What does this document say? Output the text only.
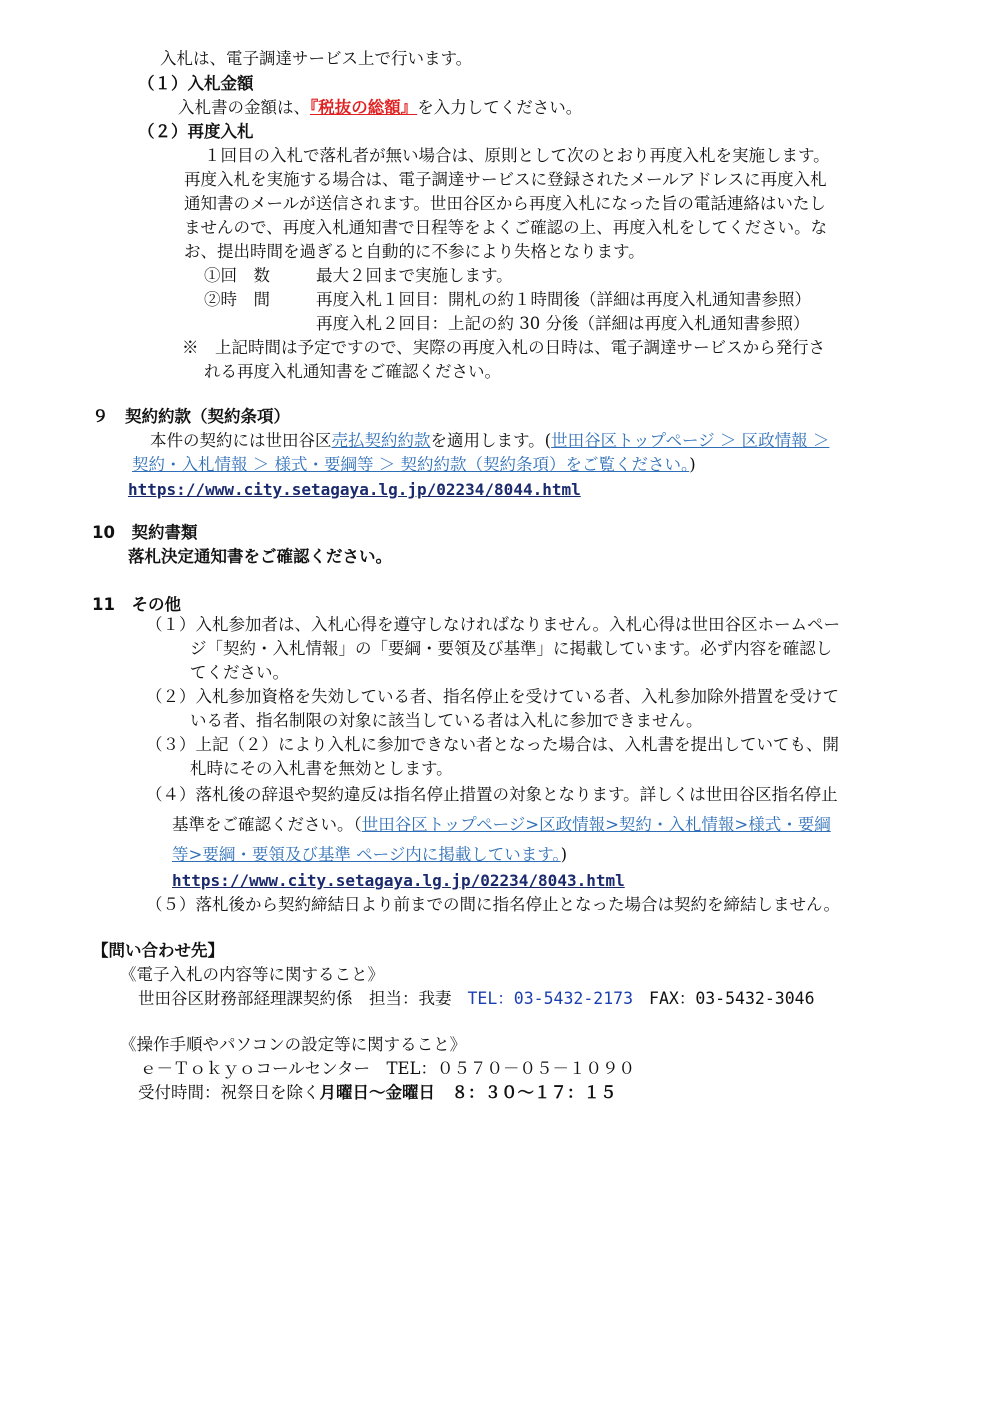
入札は、電子調達サービス上で行います。
（１）入札金額
入札書の金額は、『税抜の総額』を入力してください。
（２）再度入札
１回目の入札で落札者が無い場合は、原則として次のとおり再度入札を実施します。
再度入札を実施する場合は、電子調達サービスに登録されたメールアドレスに再度入札
通知書のメールが送信されます。世田谷区から再度入札になった旨の電話連絡はいたし
ませんので、再度入札通知書で日程等をよくご確認の上、再度入札をしてください。な
お、提出時間を過ぎると自動的に不参により失格となります。
①回　数	最大２回まで実施します。
②時　間	再度入札１回目：開札の約１時間後（詳細は再度入札通知書参照）
再度入札２回目：上記の約 30 分後（詳細は再度入札通知書参照）
※　上記時間は予定ですので、実際の再度入札の日時は、電子調達サービスから発行さ
れる再度入札通知書をご確認ください。
９　契約約款（契約条項）
本件の契約には世田谷区売払契約約款を適用します。(世田谷区トップページ ＞ 区政情報 ＞
契約・入札情報 ＞ 様式・要綱等 ＞ 契約約款（契約条項）をご覧ください。)
https://www.city.setagaya.lg.jp/02234/8044.html
10　契約書類
落札決定通知書をご確認ください。
11　その他
（１）入札参加者は、入札心得を遵守しなければなりません。入札心得は世田谷区ホームペー
ジ「契約・入札情報」の「要綱・要領及び基準」に掲載しています。必ず内容を確認し
てください。
（２）入札参加資格を失効している者、指名停止を受けている者、入札参加除外措置を受けて
いる者、指名制限の対象に該当している者は入札に参加できません。
（３）上記（２）により入札に参加できない者となった場合は、入札書を提出していても、開
札時にその入札書を無効とします。
（４）落札後の辞退や契約違反は指名停止措置の対象となります。詳しくは世田谷区指名停止
基準をご確認ください。（世田谷区トップページ>区政情報>契約・入札情報>様式・要綱
等>要綱・要領及び基準 ページ内に掲載しています。)
https://www.city.setagaya.lg.jp/02234/8043.html
（５）落札後から契約締結日より前までの間に指名停止となった場合は契約を締結しません。
【問い合わせ先】
《電子入札の内容等に関すること》
世田谷区財務部経理課契約係　担当：我妻 TEL：03-5432-2173 FAX：03-5432-3046
《操作手順やパソコンの設定等に関すること》
ｅ－Ｔｏｋｙｏコールセンター　TEL：０５７０－０５－１０９０
受付時間：祝祭日を除く月曜日～金曜日　８：３０～１７：１５
